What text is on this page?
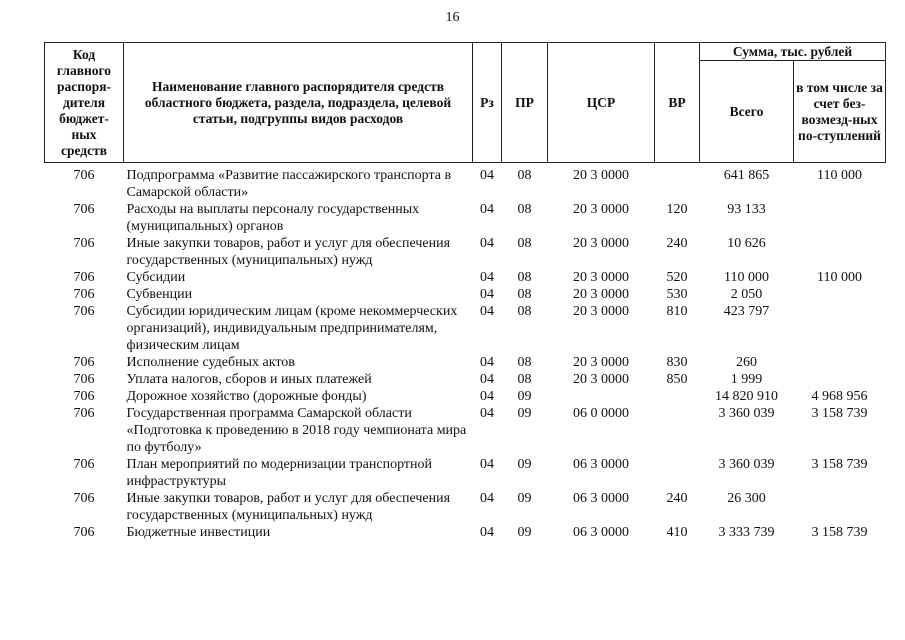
16
Код главного распоря-дителя бюджет-ных средств	Наименование главного распорядителя средств областного бюджета, раздела, подраздела, целевой статьи, подгруппы видов расходов	Рз	ПР	ЦСР	ВР	Сумма, тыс. рублей	
						Всего	в том числе за счет без-возмезд-ных по-ступлений
706	Подпрограмма «Развитие пассажирского транспорта в Самарской области»	04	08	20 3 0000		641 865	110 000
706	Расходы на выплаты персоналу государственных (муниципальных) органов	04	08	20 3 0000	120	93 133	
706	Иные закупки товаров, работ и услуг для обеспечения государственных (муниципальных) нужд	04	08	20 3 0000	240	10 626	
706	Субсидии	04	08	20 3 0000	520	110 000	110 000
706	Субвенции	04	08	20 3 0000	530	2 050	
706	Субсидии юридическим лицам (кроме некоммерческих организаций), индивидуальным предпринимателям, физическим лицам	04	08	20 3 0000	810	423 797	
706	Исполнение судебных актов	04	08	20 3 0000	830	260	
706	Уплата налогов, сборов и иных платежей	04	08	20 3 0000	850	1 999	
706	Дорожное хозяйство (дорожные фонды)	04	09			14 820 910	4 968 956
706	Государственная программа Самарской области «Подготовка к проведению в 2018 году чемпионата мира по футболу»	04	09	06 0 0000		3 360 039	3 158 739
706	План мероприятий по модернизации транспортной инфраструктуры	04	09	06 3 0000		3 360 039	3 158 739
706	Иные закупки товаров, работ и услуг для обеспечения государственных (муниципальных) нужд	04	09	06 3 0000	240	26 300	
706	Бюджетные инвестиции	04	09	06 3 0000	410	3 333 739	3 158 739
